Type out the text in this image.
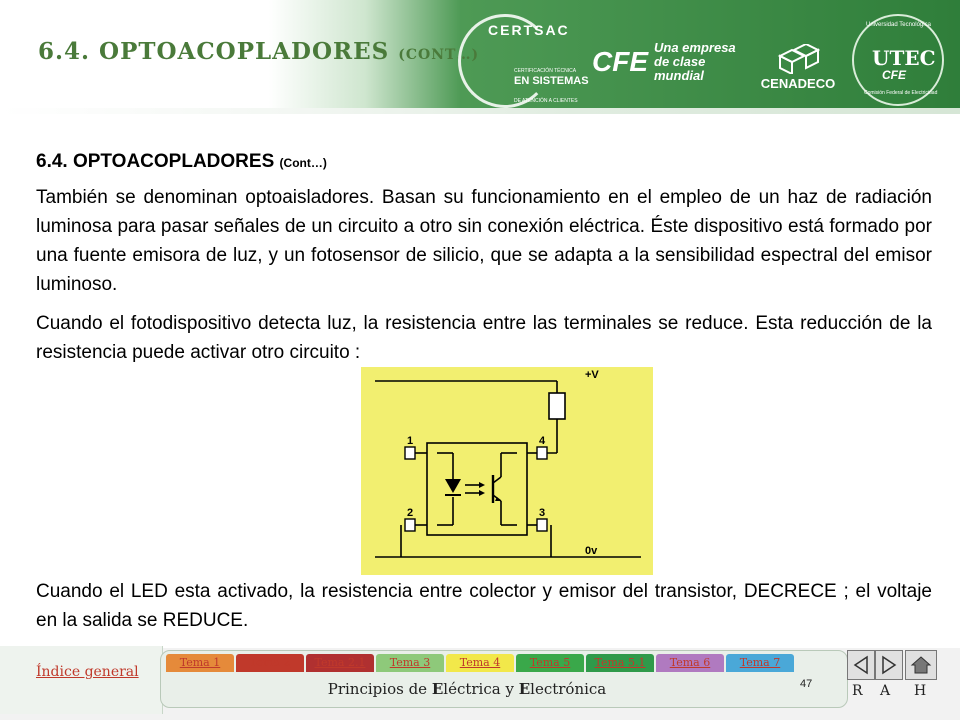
6.4. OPTOACOPLADORES (CONT…)
CERTSAC
CERTIFICACIÓN TÉCNICA
EN SISTEMAS
DE ATENCIÓN A CLIENTES
CFE Una empresa
de clase mundial	CENADECO
Universidad Tecnológica
UTEC
CFE
Comisión Federal de Electricidad

6.4. OPTOACOPLADORES (Cont…)

También se denominan optoaisladores. Basan su funcionamiento en el empleo de un haz de radiación luminosa para pasar señales de un circuito a otro sin conexión eléctrica. Éste dispositivo está formado por una fuente emisora de luz, y un fotosensor de silicio, que se adapta a la sensibilidad espectral del emisor luminoso.

Cuando el fotodispositivo detecta luz, la resistencia entre las terminales se reduce. Esta reducción de la resistencia puede activar otro circuito :

1
2	3
4
+V
0v

Cuando el LED esta activado, la resistencia entre colector y emisor del transistor, DECRECE ; el voltaje en la salida se REDUCE.

Índice general
Tema 1	Tema 2	Tema 2.1	Tema 3	Tema 4	Tema 5	Tema 5.1	Tema 6	Tema 7
Principios de Eléctrica y Electrónica	47	R A H
